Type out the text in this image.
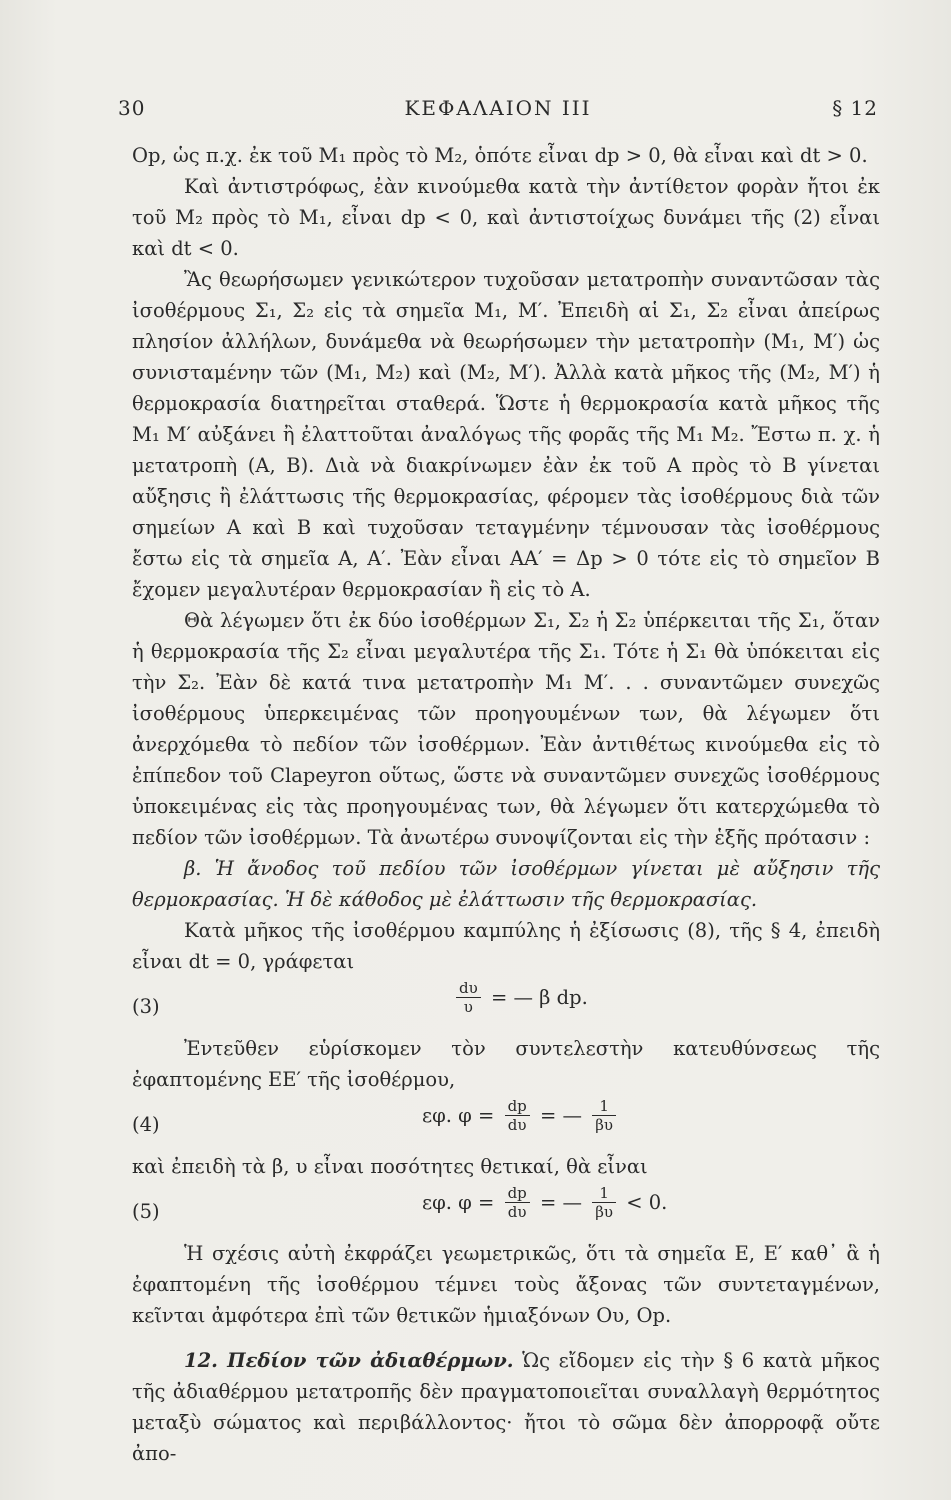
30	ΚΕΦΑΛΑΙΟΝ III	§ 12

Op, ὡς π.χ. ἐκ τοῦ M₁ πρὸς τὸ M₂, ὁπότε εἶναι dp > 0, θὰ εἶναι καὶ dt > 0.

Καὶ ἀντιστρόφως, ἐὰν κινούμεθα κατὰ τὴν ἀντίθετον φορὰν ἤτοι ἐκ τοῦ M₂ πρὸς τὸ M₁, εἶναι dp < 0, καὶ ἀντιστοίχως δυνάμει τῆς (2) εἶναι καὶ dt < 0.

Ἂς θεωρήσωμεν γενικώτερον τυχοῦσαν μετατροπὴν συναντῶσαν τὰς ἰσοθέρμους Σ₁, Σ₂ εἰς τὰ σημεῖα M₁, M′. Ἐπειδὴ αἱ Σ₁, Σ₂ εἶναι ἀπείρως πλησίον ἀλλήλων, δυνάμεθα νὰ θεωρήσωμεν τὴν μετατροπὴν (M₁, M′) ὡς συνισταμένην τῶν (M₁, M₂) καὶ (M₂, M′). Ἀλλὰ κατὰ μῆκος τῆς (M₂, M′) ἡ θερμοκρασία διατηρεῖται σταθερά. Ὥστε ἡ θερμοκρασία κατὰ μῆκος τῆς M₁ M′ αὐξάνει ἢ ἐλαττοῦται ἀναλόγως τῆς φορᾶς τῆς M₁ M₂. Ἔστω π. χ. ἡ μετατροπὴ (A, B). Διὰ νὰ διακρίνωμεν ἐὰν ἐκ τοῦ A πρὸς τὸ B γίνεται αὔξησις ἢ ἐλάττωσις τῆς θερμοκρασίας, φέρομεν τὰς ἰσοθέρμους διὰ τῶν σημείων A καὶ B καὶ τυχοῦσαν τεταγμένην τέμνουσαν τὰς ἰσοθέρμους ἔστω εἰς τὰ σημεῖα A, A′. Ἐὰν εἶναι AA′ = Δp > 0 τότε εἰς τὸ σημεῖον B ἔχομεν μεγαλυτέραν θερμοκρασίαν ἢ εἰς τὸ A.

Θὰ λέγωμεν ὅτι ἐκ δύο ἰσοθέρμων Σ₁, Σ₂ ἡ Σ₂ ὑπέρκειται τῆς Σ₁, ὅταν ἡ θερμοκρασία τῆς Σ₂ εἶναι μεγαλυτέρα τῆς Σ₁. Τότε ἡ Σ₁ θὰ ὑπόκειται εἰς τὴν Σ₂. Ἐὰν δὲ κατά τινα μετατροπὴν M₁ M′. . . συναντῶμεν συνεχῶς ἰσοθέρμους ὑπερκειμένας τῶν προηγουμένων των, θὰ λέγωμεν ὅτι ἀνερχόμεθα τὸ πεδίον τῶν ἰσοθέρμων. Ἐὰν ἀντιθέτως κινούμεθα εἰς τὸ ἐπίπεδον τοῦ Clapeyron οὕτως, ὥστε νὰ συναντῶμεν συνεχῶς ἰσοθέρμους ὑποκειμένας εἰς τὰς προηγουμένας των, θὰ λέγωμεν ὅτι κατερχώμεθα τὸ πεδίον τῶν ἰσοθέρμων. Τὰ ἀνωτέρω συνοψίζονται εἰς τὴν ἑξῆς πρότασιν :

β. Ἡ ἄνοδος τοῦ πεδίου τῶν ἰσοθέρμων γίνεται μὲ αὔξησιν τῆς θερμοκρασίας. Ἡ δὲ κάθοδος μὲ ἐλάττωσιν τῆς θερμοκρασίας.

Κατὰ μῆκος τῆς ἰσοθέρμου καμπύλης ἡ ἐξίσωσις (8), τῆς § 4, ἐπειδὴ εἶναι dt = 0, γράφεται

(3)	$\frac{d\upsilon}{\upsilon}$ = — β dp.

Ἐντεῦθεν εὑρίσκομεν τὸν συντελεστὴν κατευθύνσεως τῆς ἐφαπτομένης EE′ τῆς ἰσοθέρμου,

(4)	εφ. $\varphi = \frac{dp}{d\upsilon}$ = — $\frac{1}{\beta\upsilon}$

καὶ ἐπειδὴ τὰ β, υ εἶναι ποσότητες θετικαί, θὰ εἶναι

(5)	εφ. $\varphi = \frac{dp}{d\upsilon}$ = — $\frac{1}{\beta\upsilon} < 0$.

Ἡ σχέσις αὐτὴ ἐκφράζει γεωμετρικῶς, ὅτι τὰ σημεῖα E, E′ καθ᾽ ἃ ἡ ἐφαπτομένη τῆς ἰσοθέρμου τέμνει τοὺς ἄξονας τῶν συντεταγμένων, κεῖνται ἀμφότερα ἐπὶ τῶν θετικῶν ἡμιαξόνων Oυ, Op.

12. Πεδίον τῶν ἀδιαθέρμων. Ὡς εἴδομεν εἰς τὴν § 6 κατὰ μῆκος τῆς ἀδιαθέρμου μετατροπῆς δὲν πραγματοποιεῖται συναλλαγὴ θερμότητος μεταξὺ σώματος καὶ περιβάλλοντος· ἤτοι τὸ σῶμα δὲν ἀπορροφᾷ οὔτε ἀπο-
